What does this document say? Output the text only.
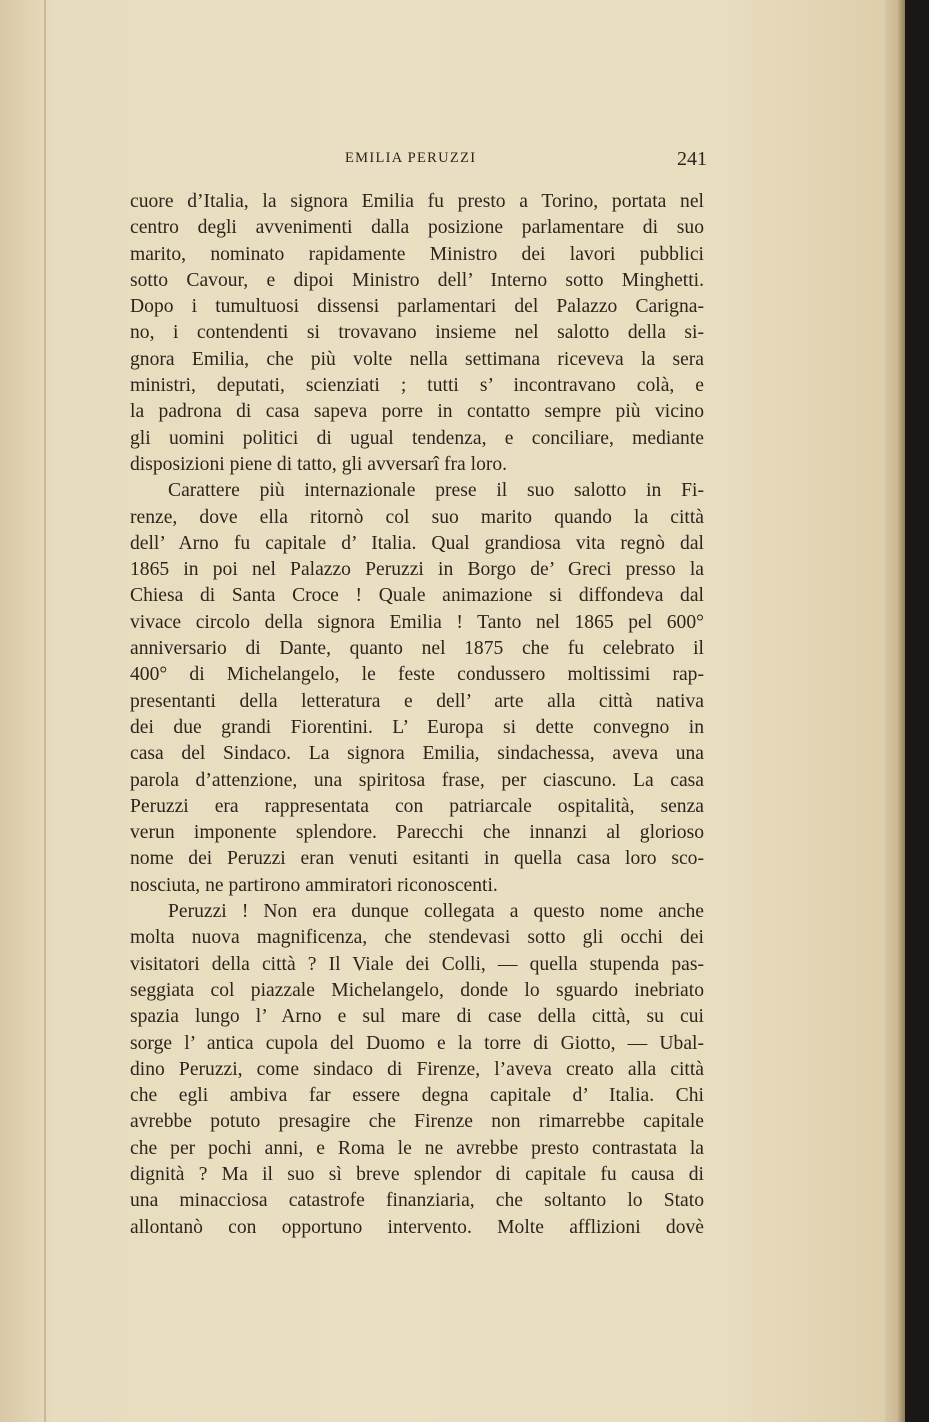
EMILIA PERUZZI	241
cuore d’Italia, la signora Emilia fu presto a Torino, portata nel
centro degli avvenimenti dalla posizione parlamentare di suo
marito, nominato rapidamente Ministro dei lavori pubblici
sotto Cavour, e dipoi Ministro dell’ Interno sotto Minghetti.
Dopo i tumultuosi dissensi parlamentari del Palazzo Carigna-
no, i contendenti si trovavano insieme nel salotto della si-
gnora Emilia, che più volte nella settimana riceveva la sera
ministri, deputati, scienziati ; tutti s’ incontravano colà, e
la padrona di casa sapeva porre in contatto sempre più vicino
gli uomini politici di ugual tendenza, e conciliare, mediante
disposizioni piene di tatto, gli avversarî fra loro.
Carattere più internazionale prese il suo salotto in Fi-
renze, dove ella ritornò col suo marito quando la città
dell’ Arno fu capitale d’ Italia. Qual grandiosa vita regnò dal
1865 in poi nel Palazzo Peruzzi in Borgo de’ Greci presso la
Chiesa di Santa Croce ! Quale animazione si diffondeva dal
vivace circolo della signora Emilia ! Tanto nel 1865 pel 600°
anniversario di Dante, quanto nel 1875 che fu celebrato il
400° di Michelangelo, le feste condussero moltissimi rap-
presentanti della letteratura e dell’ arte alla città nativa
dei due grandi Fiorentini. L’ Europa si dette convegno in
casa del Sindaco. La signora Emilia, sindachessa, aveva una
parola d’attenzione, una spiritosa frase, per ciascuno. La casa
Peruzzi era rappresentata con patriarcale ospitalità, senza
verun imponente splendore. Parecchi che innanzi al glorioso
nome dei Peruzzi eran venuti esitanti in quella casa loro sco-
nosciuta, ne partirono ammiratori riconoscenti.
Peruzzi ! Non era dunque collegata a questo nome anche
molta nuova magnificenza, che stendevasi sotto gli occhi dei
visitatori della città ? Il Viale dei Colli, — quella stupenda pas-
seggiata col piazzale Michelangelo, donde lo sguardo inebriato
spazia lungo l’ Arno e sul mare di case della città, su cui
sorge l’ antica cupola del Duomo e la torre di Giotto, — Ubal-
dino Peruzzi, come sindaco di Firenze, l’aveva creato alla città
che egli ambiva far essere degna capitale d’ Italia. Chi
avrebbe potuto presagire che Firenze non rimarrebbe capitale
che per pochi anni, e Roma le ne avrebbe presto contrastata la
dignità ? Ma il suo sì breve splendor di capitale fu causa di
una minacciosa catastrofe finanziaria, che soltanto lo Stato
allontanò con opportuno intervento. Molte afflizioni dovè
